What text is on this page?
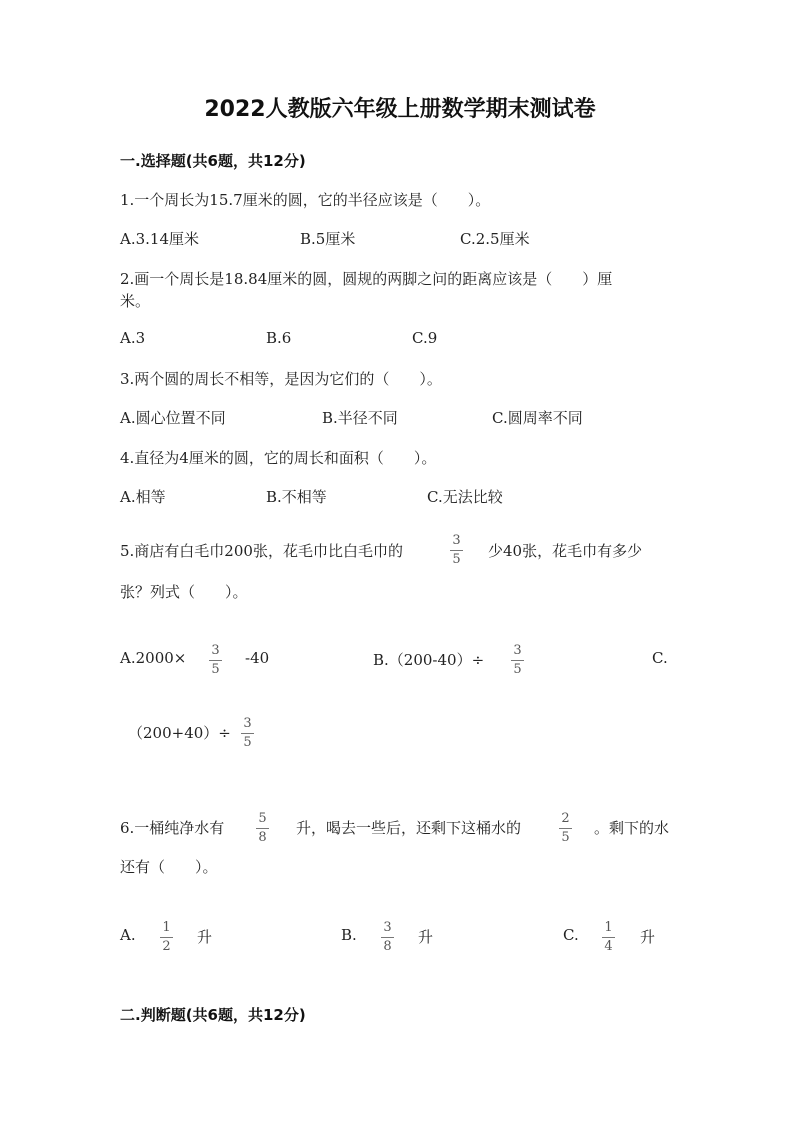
2022人教版六年级上册数学期末测试卷
一.选择题(共6题，共12分)
1.一个周长为15.7厘米的圆，它的半径应该是（　　）。
A.3.14厘米	B.5厘米	C.2.5厘米
2.画一个周长是18.84厘米的圆，圆规的两脚之问的距离应该是（　　）厘
米。
A.3	B.6	C.9
3.两个圆的周长不相等，是因为它们的（　　）。
A.圆心位置不同	B.半径不同	C.圆周率不同
4.直径为4厘米的圆，它的周长和面积（　　）。
A.相等	B.不相等	C.无法比较
5.商店有白毛巾200张，花毛巾比白毛巾的
3
5 少40张，花毛巾有多少
张？列式（　　）。
A.2000× 3
5
-40	B.（200-40）÷
3
5
C.
（200+40）÷
3
5
6.一桶纯净水有
5
8
升，喝去一些后，还剩下这桶水的
2
5
。剩下的水
还有（　　）。
A. 1
2
升	B. 3
8
升	C. 1
4
升
二.判断题(共6题，共12分)
